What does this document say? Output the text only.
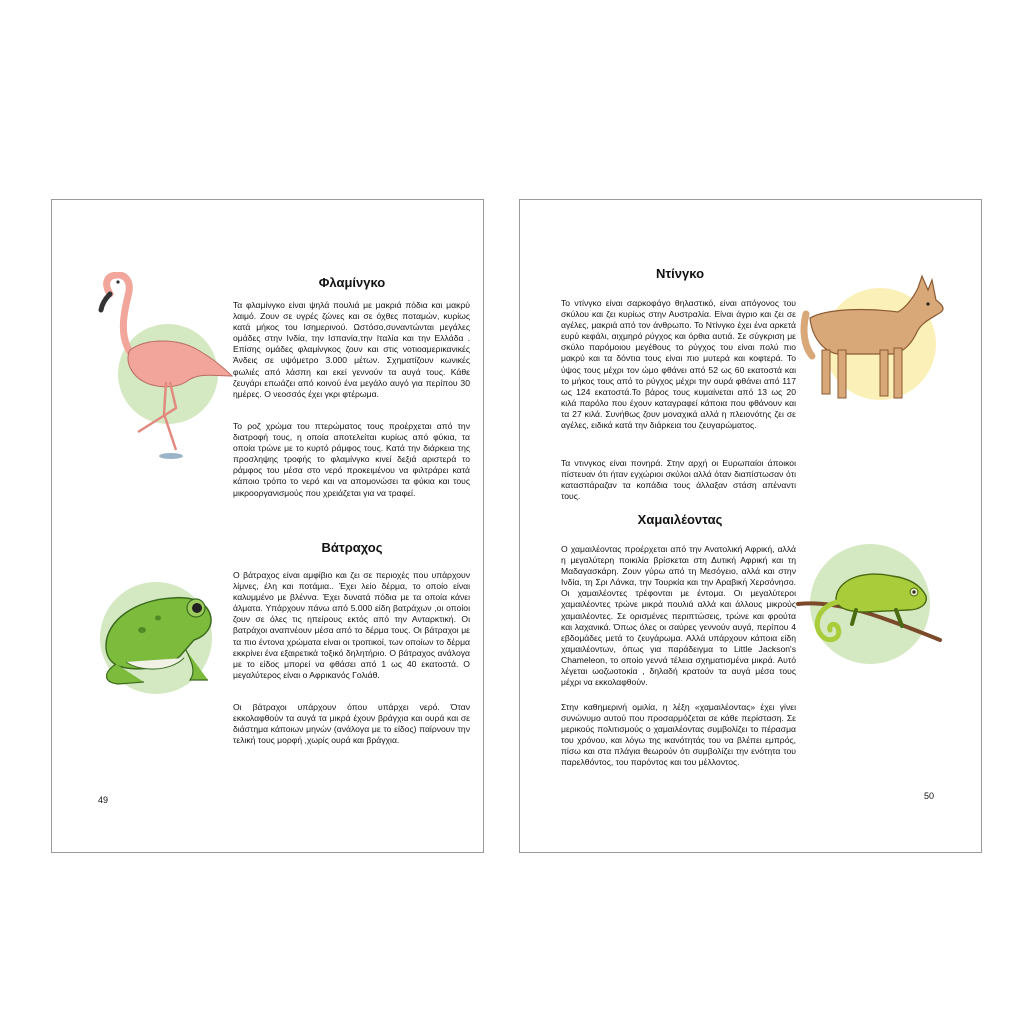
Φλαμίνγκο

Τα φλαμίνγκο είναι ψηλά πουλιά με μακριά πόδια και μακρύ λαιμό. Ζουν σε υγρές ζώνες και σε όχθες ποταμών, κυρίως κατά μήκος του Ισημερινού. Ωστόσο,συναντώνται μεγάλες ομάδες στην Ινδία, την Ισπανία,την Ιταλία και την Ελλάδα . Επίσης ομάδες φλαμίνγκος ζουν και στις νοτιοαμερικανικές Άνδεις σε υψόμετρο 3.000 μέτων. Σχηματίζουν κωνικές φωλιές από λάσπη και εκεί γεννούν τα αυγά τους. Κάθε ζευγάρι επωάζει από κοινού ένα μεγάλο αυγό για περίπου 30 ημέρες. Ο νεοσσός έχει γκρι φτέρωμα.

Το ροζ χρώμα του πτερώματος τους προέρχεται από την διατροφή τους, η οποία αποτελείται κυρίως από φύκια, τα οποία τρώνε με το κυρτό ράμφος τους. Κατά την διάρκεια της προσληψης τροφής το φλαμίνγκο κινεί δεξιά αριστερά το ράμφος του μέσα στο νερό προκειμένου να φιλτράρει κατά κάποιο τρόπο το νερό και να απομονώσει τα φύκια και τους μικροοργανισμούς που χρειάζεται για να τραφεί.

Βάτραχος

Ο βάτραχος είναι αμφίβιο και ζει σε περιοχές που υπάρχουν λίμνες, έλη και ποτάμια.. Έχει λείο δέρμα, το οποίο είναι καλυμμένο με βλέννα. Έχει δυνατά πόδια με τα οποία κάνει άλματα. Υπάρχουν πάνω από 5.000 είδη βατράχων ,οι οποίοι ζουν σε όλες τις ηπείρους εκτός από την Ανταρκτική. Οι βατράχοι αναπνέουν μέσα από το δέρμα τους. Οι βάτραχοι με τα πιο έντονα χρώματα είναι οι τροπικοί, των οποίων το δέρμα εκκρίνει ένα εξαιρετικά τοξικό δηλητήριο. Ο βάτραχος ανάλογα με το είδος μπορεί να φθάσει από 1 ως 40 εκατοστά. Ο μεγαλύτερος είναι ο Αφρικανός Γολιάθ.

Οι βάτραχοι υπάρχουν όπου υπάρχει νερό. Όταν εκκολαφθούν τα αυγά τα μικρά έχουν βράγχια και ουρά και σε διάστημα κάποιων μηνών (ανάλογα με το είδος) παίρνουν την τελική τους μορφή ,χωρίς ουρά και βράγχια.

49
Ντίνγκο

Το ντίνγκο είναι σαρκοφάγο θηλαστικό, είναι απόγονος του σκύλου και ζει κυρίως στην Αυστραλία. Είναι άγριο και ζει σε αγέλες, μακριά από τον άνθρωπο. Το Ντίνγκο έχει ένα αρκετά ευρύ κεφάλι, αιχμηρό ρύγχος και όρθια αυτιά. Σε σύγκριση με σκύλο παρόμοιου μεγέθους το ρύγχος του είναι πολύ πιο μακρύ και τα δόντια τους είναι πιο μυτερά και κοφτερά. Το ύψος τους μέχρι τον ώμο φθάνει από 52 ως 60 εκατοστά και το μήκος τους από το ρύγχος μέχρι την ουρά φθάνει από 117 ως 124 εκατοστά.Το βάρος τους κυμαίνεται από 13 ως 20 κιλά παρόλο που έχουν καταγραφεί κάποια που φθάνουν και τα 27 κιλά. Συνήθως ζουν μοναχικά αλλά η πλειονότης ζει σε αγέλες, ειδικά κατά την διάρκεια του ζευγαρώματος.

Τα ντινγκος είναι πονηρά. Στην αρχή οι Ευρωπαίοι άποικοι πίστευαν ότι ήταν εγχώριοι σκύλοι αλλά όταν διαπίστωσαν ότι κατασπάραζαν τα κοπάδια τους άλλαξαν στάση απέναντι τους.

Χαμαιλέοντας

Ο χαμαιλέοντας προέρχεται από την Ανατολική Αφρική, αλλά η μεγαλύτερη ποικιλία βρίσκεται στη Δυτική Αφρική και τη Μαδαγασκάρη. Ζουν γύρω από τη Μεσόγειο, αλλά και στην Ινδία, τη Σρι Λάνκα, την Τουρκία και την Αραβική Χερσόνησο. Οι χαμαιλέοντες τρέφονται με έντομα. Οι μεγαλύτεροι χαμαιλέοντες τρώνε μικρά πουλιά αλλά και άλλους μικρούς χαμαιλέοντες. Σε ορισμένες περιπτώσεις, τρώνε και φρούτα και λαχανικά. Όπως όλες οι σαύρες γεννούν αυγά, περίπου 4 εβδομάδες μετά το ζευγάρωμα. Αλλά υπάρχουν κάποια είδη χαμαιλέοντων, όπως για παράδειγμα το Little Jackson's Chameleon, το οποίο γεννά τέλεια σχηματισμένα μικρά. Αυτό λέγεται ωοζωοτοκία , δηλαδή κρατούν τα αυγά μέσα τους μέχρι να εκκολαφθούν.

Στην καθημερινή ομιλία, η λέξη «χαμαιλέοντας» έχει γίνει συνώνυμο αυτού που προσαρμόζεται σε κάθε περίσταση. Σε μερικούς πολιτισμούς ο χαμαιλέοντας συμβολίζει το πέρασμα του χρόνου, και λόγω της ικανότητάς του να βλέπει εμπρός, πίσω και στα πλάγια θεωρούν ότι συμβολίζει την ενότητα του παρελθόντος, του παρόντος και του μέλλοντος.

50
